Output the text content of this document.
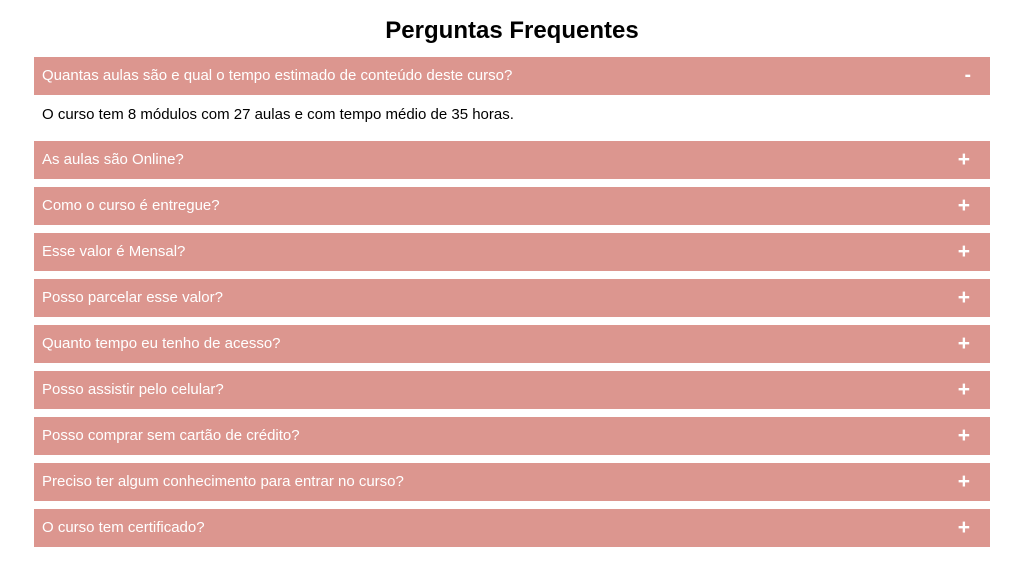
Perguntas Frequentes
Quantas aulas são e qual o tempo estimado de conteúdo deste curso?	-
O curso tem 8 módulos com 27 aulas e com tempo médio de 35 horas.
As aulas são Online?	+
Como o curso é entregue?	+
Esse valor é Mensal?	+
Posso parcelar esse valor?	+
Quanto tempo eu tenho de acesso?	+
Posso assistir pelo celular?	+
Posso comprar sem cartão de crédito?	+
Preciso ter algum conhecimento para entrar no curso?	+
O curso tem certificado?	+
